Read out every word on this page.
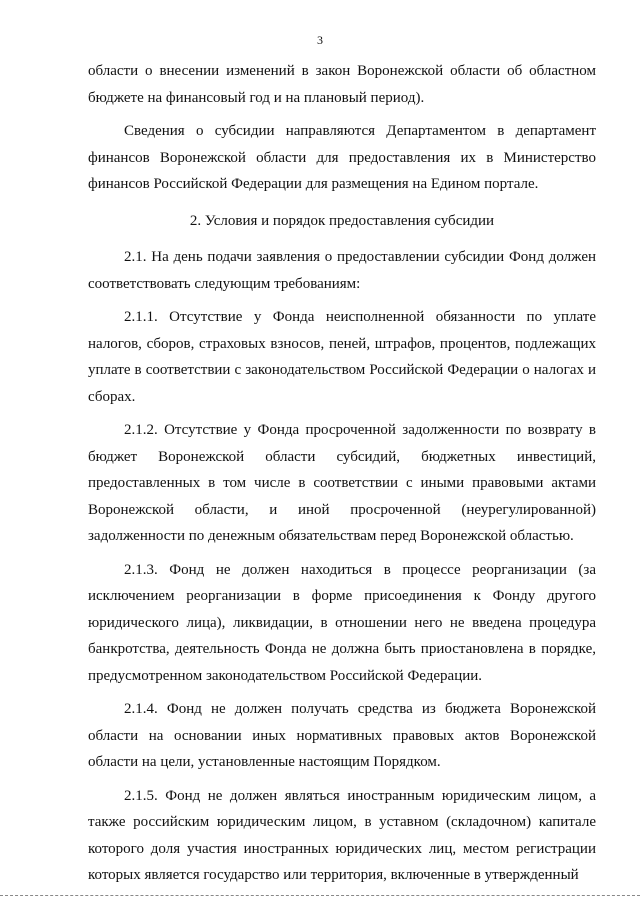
3

области о внесении изменений в закон Воронежской области об областном бюджете на финансовый год и на плановый период).

Сведения о субсидии направляются Департаментом в департамент финансов Воронежской области для предоставления их в Министерство финансов Российской Федерации для размещения на Едином портале.

2. Условия и порядок предоставления субсидии

2.1. На день подачи заявления о предоставлении субсидии Фонд должен соответствовать следующим требованиям:

2.1.1. Отсутствие у Фонда неисполненной обязанности по уплате налогов, сборов, страховых взносов, пеней, штрафов, процентов, подлежащих уплате в соответствии с законодательством Российской Федерации о налогах и сборах.

2.1.2. Отсутствие у Фонда просроченной задолженности по возврату в бюджет Воронежской области субсидий, бюджетных инвестиций, предоставленных в том числе в соответствии с иными правовыми актами Воронежской области, и иной просроченной (неурегулированной) задолженности по денежным обязательствам перед Воронежской областью.

2.1.3. Фонд не должен находиться в процессе реорганизации (за исключением реорганизации в форме присоединения к Фонду другого юридического лица), ликвидации, в отношении него не введена процедура банкротства, деятельность Фонда не должна быть приостановлена в порядке, предусмотренном законодательством Российской Федерации.

2.1.4. Фонд не должен получать средства из бюджета Воронежской области на основании иных нормативных правовых актов Воронежской области на цели, установленные настоящим Порядком.

2.1.5. Фонд не должен являться иностранным юридическим лицом, а также российским юридическим лицом, в уставном (складочном) капитале которого доля участия иностранных юридических лиц, местом регистрации которых является государство или территория, включенные в утвержденный
